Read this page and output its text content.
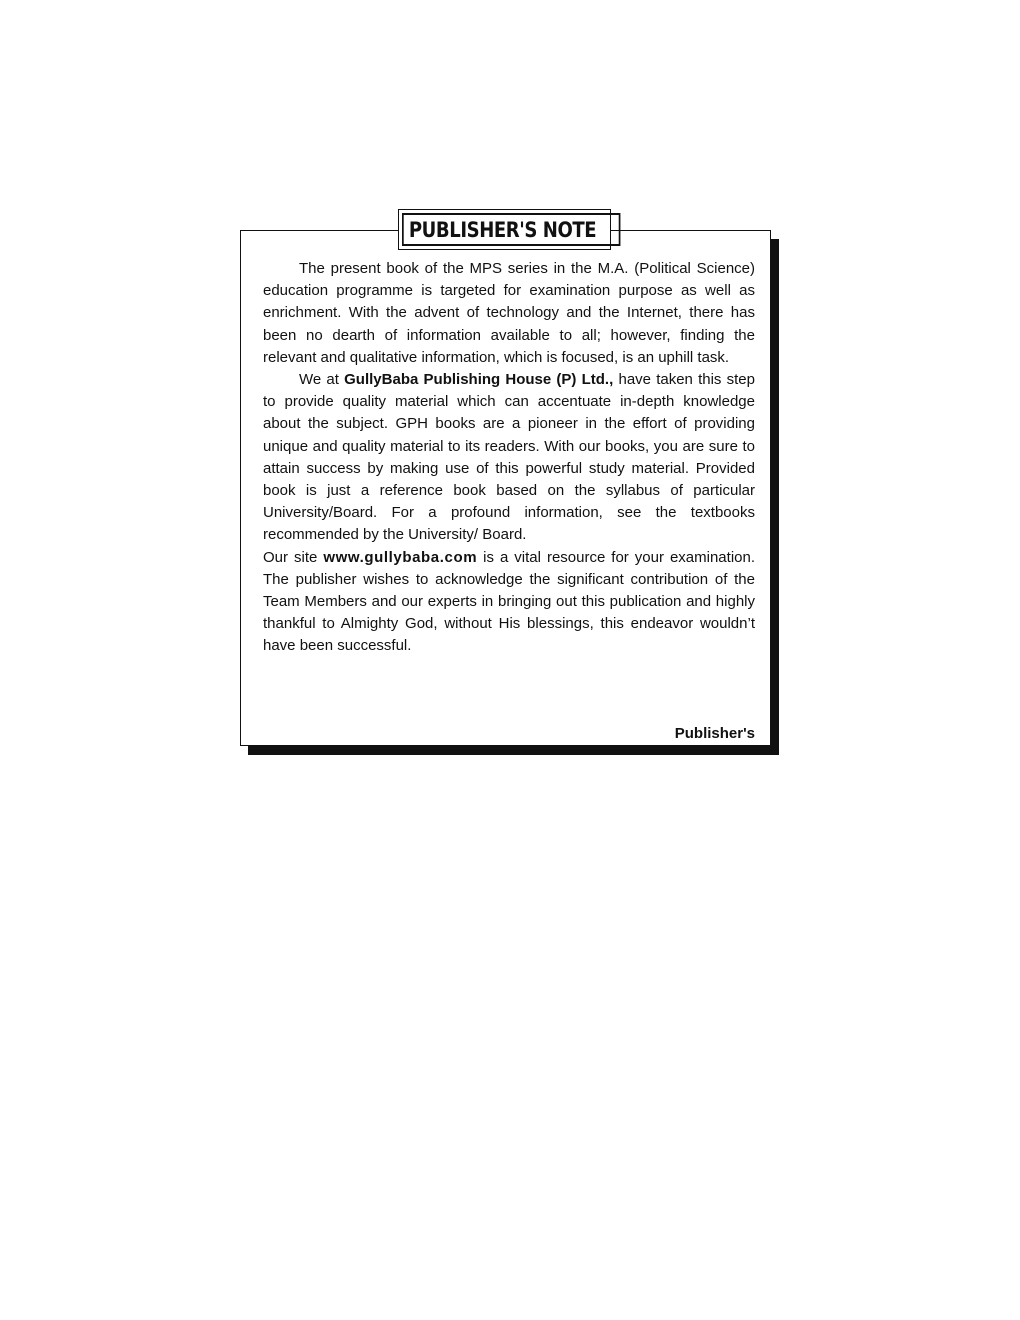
PUBLISHER'S NOTE

The present book of the MPS series in the M.A. (Political Science) education programme is targeted for examination purpose as well as enrichment. With the advent of technology and the Internet, there has been no dearth of information available to all; however, finding the relevant and qualitative information, which is focused, is an uphill task.

We at GullyBaba Publishing House (P) Ltd., have taken this step to provide quality material which can accentuate in-depth knowledge about the subject. GPH books are a pioneer in the effort of providing unique and quality material to its readers. With our books, you are sure to attain success by making use of this powerful study material. Provided book is just a reference book based on the syllabus of particular University/Board. For a profound information, see the textbooks recommended by the University/ Board.

Our site www.gullybaba.com is a vital resource for your examination. The publisher wishes to acknowledge the significant contribution of the Team Members and our experts in bringing out this publication and highly thankful to Almighty God, without His blessings, this endeavor wouldn’t have been successful.

Publisher's
